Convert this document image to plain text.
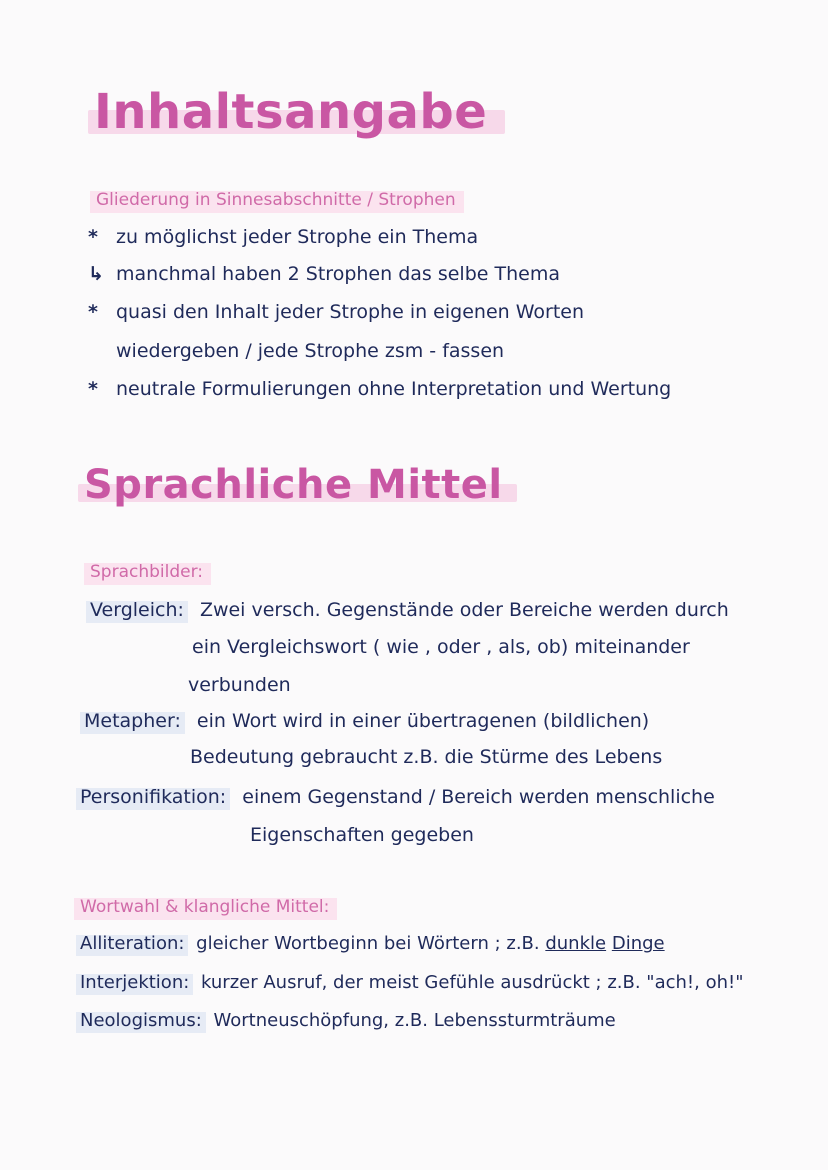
Inhaltsangabe
Gliederung in Sinnesabschnitte / Strophen
* zu möglichst jeder Strophe ein Thema
↳ manchmal haben 2 Strophen das selbe Thema
* quasi den Inhalt jeder Strophe in eigenen Worten
wiedergeben / jede Strophe zsm - fassen
* neutrale Formulierungen ohne Interpretation und Wertung
Sprachliche Mittel
Sprachbilder:
Vergleich: Zwei versch. Gegenstände oder Bereiche werden durch
ein Vergleichswort ( wie , oder , als, ob) miteinander
verbunden
Metapher: ein Wort wird in einer übertragenen (bildlichen)
Bedeutung gebraucht z.B. die Stürme des Lebens
Personifikation: einem Gegenstand / Bereich werden menschliche
Eigenschaften gegeben
Wortwahl & klangliche Mittel:
Alliteration: gleicher Wortbeginn bei Wörtern ; z.B. dunkle Dinge
Interjektion: kurzer Ausruf, der meist Gefühle ausdrückt ; z.B. "ach!, oh!"
Neologismus: Wortneuschöpfung, z.B. Lebenssturmträume
